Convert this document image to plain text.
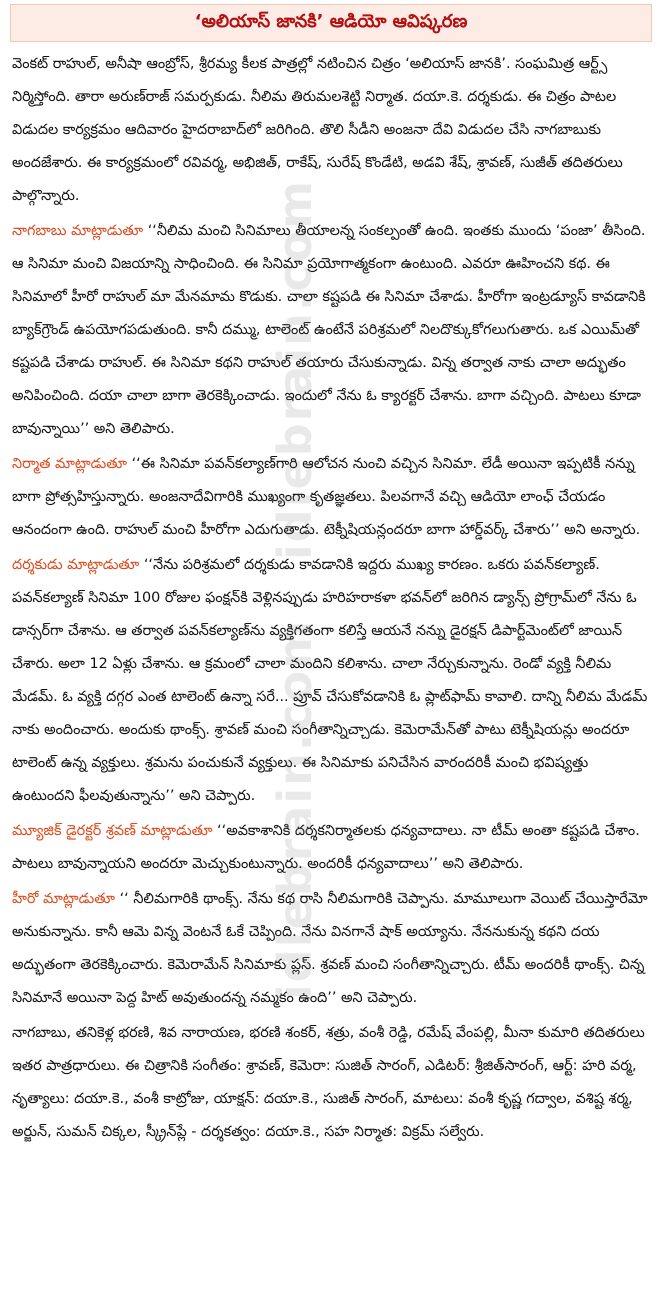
‘అలియాస్ జానకి’ ఆడియో ఆవిష్కరణ

వెంకట్ రాహుల్, అనీషా ఆంబ్రోస్, శ్రీరమ్య కీలక పాత్రల్లో నటించిన చిత్రం ‘అలియాస్ జానకి’. సంఘమిత్ర ఆర్ట్స్ నిర్మిస్తోంది. తారా అరుణ్‌రాజ్ సమర్పకుడు. నీలిమ తిరుమలశెట్టి నిర్మాత. దయా.కె. దర్శకుడు. ఈ చిత్రం పాటల విడుదల కార్యక్రమం ఆదివారం హైదరాబాద్‌లో జరిగింది. తొలి సీడీని అంజనా దేవి విడుదల చేసి నాగబాబుకు అందజేశారు. ఈ కార్యక్రమంలో రవివర్మ, అభిజిత్, రాకేష్, సురేష్ కొండేటి, అడవి శేష్, శ్రావణ్, సుజీత్ తదితరులు పాల్గొన్నారు.

నాగబాబు మాట్లాడుతూ ‘‘నీలిమ మంచి సినిమాలు తీయాలన్న సంకల్పంతో ఉంది. ఇంతకు ముందు ‘పంజా’ తీసింది. ఆ సినిమా మంచి విజయాన్ని సాధించింది. ఈ సినిమా ప్రయోగాత్మకంగా ఉంటుంది. ఎవరూ ఊహించని కథ. ఈ సినిమాలో హీరో రాహుల్ మా మేనమామ కొడుకు. చాలా కష్టపడి ఈ సినిమా చేశాడు. హీరోగా ఇంట్రడ్యూస్ కావడానికి బ్యాక్‌గ్రౌండ్ ఉపయోగపడుతుంది. కానీ దమ్ము, టాలెంట్ ఉంటేనే పరిశ్రమలో నిలదొక్కుకోగలుగుతారు. ఒక ఎయిమ్‌తో కష్టపడి చేశాడు రాహుల్. ఈ సినిమా కథని రాహుల్ తయారు చేసుకున్నాడు. విన్న తర్వాత నాకు చాలా అద్భుతం అనిపించింది. దయా చాలా బాగా తెరకెక్కించాడు. ఇందులో నేను ఓ క్యారక్టర్ చేశాను. బాగా వచ్చింది. పాటలు కూడా బావున్నాయి’’ అని తెలిపారు.

నిర్మాత మాట్లాడుతూ ‘‘ఈ సినిమా పవన్‌కల్యాణ్‌గారి ఆలోచన నుంచి వచ్చిన సినిమా. లేడీ అయినా ఇప్పటికీ నన్ను బాగా ప్రోత్సహిస్తున్నారు. అంజనాదేవిగారికి ముఖ్యంగా కృతజ్ఞతలు. పిలవగానే వచ్చి ఆడియో లాంఛ్ చేయడం ఆనందంగా ఉంది. రాహుల్ మంచి హీరోగా ఎదుగుతాడు. టెక్నీషియన్లందరూ బాగా హార్డ్‌వర్క్ చేశారు’’ అని అన్నారు.

దర్శకుడు మాట్లాడుతూ ‘‘నేను పరిశ్రమలో దర్శకుడు కావడానికి ఇద్దరు ముఖ్య కారణం. ఒకరు పవన్‌కల్యాణ్. పవన్‌కల్యాణ్ సినిమా 100 రోజుల ఫంక్షన్‌కి వెళ్లినప్పుడు హరిహరాకళా భవన్‌లో జరిగిన డ్యాన్స్ ప్రోగ్రామ్‌లో నేను ఓ డాన్సర్‌గా చేశాను. ఆ తర్వాత పవన్‌కల్యాణ్‌ను వ్యక్తిగతంగా కలిస్తే ఆయనే నన్ను డైరక్షన్ డిపార్ట్‌మెంట్‌లో జాయిన్ చేశారు. అలా 12 ఏళ్లు చేశాను. ఆ క్రమంలో చాలా మందిని కలిశాను. చాలా నేర్చుకున్నాను. రెండో వ్యక్తి నీలిమ మేడమ్. ఓ వ్యక్తి దగ్గర ఎంత టాలెంట్ ఉన్నా సరే... ప్రూవ్ చేసుకోవడానికి ఓ ప్లాట్‌ఫామ్ కావాలి. దాన్ని నీలిమ మేడమ్ నాకు అందించారు. అందుకు థాంక్స్. శ్రావణ్ మంచి సంగీతాన్నిచ్చాడు. కెమెరామేన్‌తో పాటు టెక్నీషియన్లు అందరూ టాలెంట్ ఉన్న వ్యక్తులు. శ్రమను పంచుకునే వ్యక్తులు. ఈ సినిమాకు పనిచేసిన వారందరికీ మంచి భవిష్యత్తు ఉంటుందని ఫీలవుతున్నాను’’ అని చెప్పారు.

మ్యూజిక్ డైరక్టర్ శ్రవణ్ మాట్లాడుతూ ‘‘అవకాశానికి దర్శకనిర్మాతలకు ధన్యవాదాలు. నా టీమ్ అంతా కష్టపడి చేశాం. పాటలు బావున్నాయని అందరూ మెచ్చుకుంటున్నారు. అందరికీ ధన్యవాదాలు’’ అని తెలిపారు.

హీరో మాట్లాడుతూ ‘‘ నీలిమగారికి థాంక్స్. నేను కథ రాసి నీలిమగారికి చెప్పాను. మామూలుగా వెయిట్ చేయిస్తారేమో అనుకున్నాను. కానీ ఆమె విన్న వెంటనే ఓకే చెప్పింది. నేను వినగానే షాక్ అయ్యాను. నేననుకున్న కథని దయ అద్భుతంగా తెరకెక్కించారు. కెమెరామేన్ సినిమాకు ప్లస్. శ్రవణ్ మంచి సంగీతాన్నిచ్చారు. టీమ్ అందరికీ థాంక్స్. చిన్న సినిమానే అయినా పెద్ద హిట్ అవుతుందన్న నమ్మకం ఉంది’’ అని చెప్పారు.

నాగబాబు, తనికెళ్ల భరణి, శివ నారాయణ, భరణి శంకర్, శత్రు, వంశీ రెడ్డి, రమేష్ వేంపల్లి, మీనా కుమారి తదితరులు ఇతర పాత్రధారులు. ఈ చిత్రానికి సంగీతం: శ్రావణ్, కెమెరా: సుజిత్ సారంగ్, ఎడిటర్: శ్రీజిత్‌సారంగ్, ఆర్ట్: హరి వర్మ, నృత్యాలు: దయా.కె., వంశీ కాట్రోజు, యాక్షన్: దయా.కె., సుజిత్ సారంగ్, మాటలు: వంశీ కృష్ణ గద్వాల, వశిష్ట శర్మ, అర్జున్, సుమన్ చిక్కల, స్క్రీన్‌ప్లే - దర్శకత్వం: దయా.కె., సహ నిర్మాత: విక్రమ్ సల్వేరు.

idlebrain.com
idlebrain.com
